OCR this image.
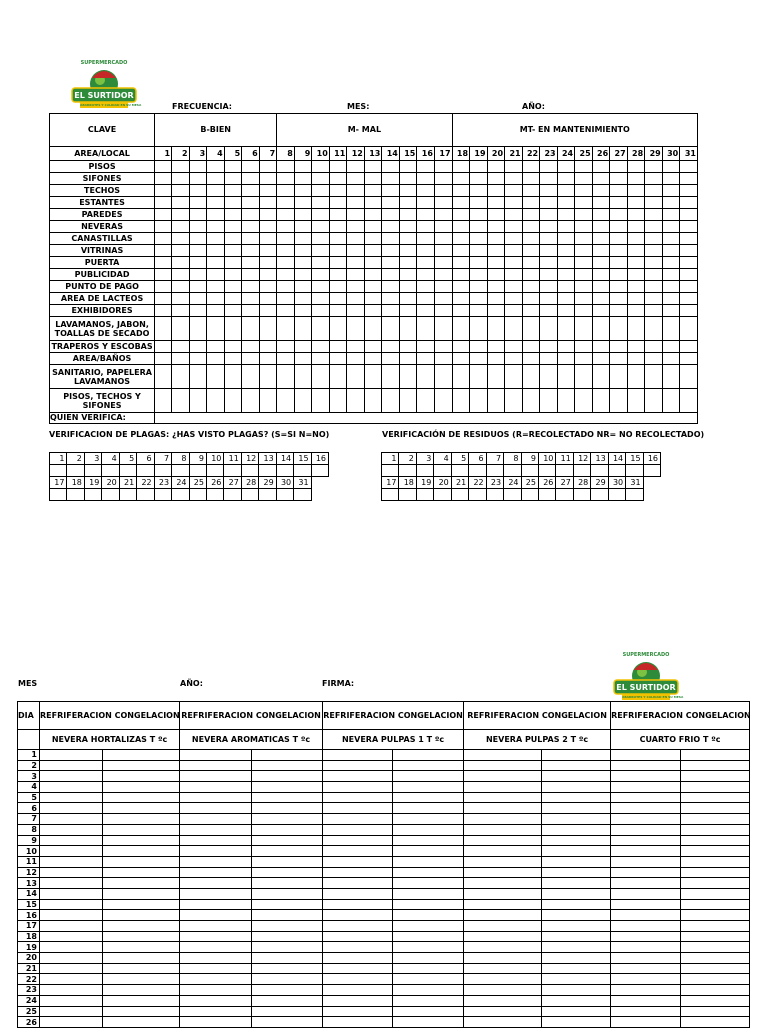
SUPERMERCADO
EL SURTIDOR
ABARROTES Y CALIDAD EN SU MESA	FRECUENCIA:	MES:	AÑO:
CLAVE	B-BIEN							M- MAL										MT- EN MANTENIMIENTO													
AREA/LOCAL	1	2	3	4	5	6	7	8	9	10	11	12	13	14	15	16	17	18	19	20	21	22	23	24	25	26	27	28	29	30	31
PISOS																															
SIFONES																															
TECHOS																															
ESTANTES																															
PAREDES																															
NEVERAS																															
CANASTILLAS																															
VITRINAS																															
PUERTA																															
PUBLICIDAD																															
PUNTO DE PAGO																															
AREA DE LACTEOS																															
EXHIBIDORES																															
LAVAMANOS, JABON, TOALLAS DE SECADO																															
TRAPEROS Y ESCOBAS																															
AREA/BAÑOS																															
SANITARIO, PAPELERA LAVAMANOS																															
PISOS, TECHOS Y SIFONES																															
QUIEN VERIFICA:																															
VERIFICACION DE PLAGAS: ¿HAS VISTO PLAGAS? (S=SI N=NO)
1	2	3	4	5	6	7	8	9	10	11	12	13	14	15	16

17	18	19	20	21	22	23	24	25	26	27	28	29	30	31	

VERIFICACIÓN DE RESIDUOS (R=RECOLECTADO NR= NO RECOLECTADO)
1	2	3	4	5	6	7	8	9	10	11	12	13	14	15	16

17	18	19	20	21	22	23	24	25	26	27	28	29	30	31	

MES	AÑO:	FIRMA:
SUPERMERCADO
EL SURTIDOR
ABARROTES Y CALIDAD EN SU MESA
DIA	REFRIFERACION CONGELACION		REFRIFERACION CONGELACION		REFRIFERACION CONGELACION		REFRIFERACION CONGELACION		REFRIFERACION CONGELACION	
	NEVERA HORTALIZAS T ºc		NEVERA AROMATICAS T ºc		NEVERA PULPAS 1 T ºc		NEVERA PULPAS 2 T ºc		CUARTO FRIO T ºc	
1										
2										
3										
4										
5										
6										
7										
8										
9										
10										
11										
12										
13										
14										
15										
16										
17										
18										
19										
20										
21										
22										
23										
24										
25										
26										
